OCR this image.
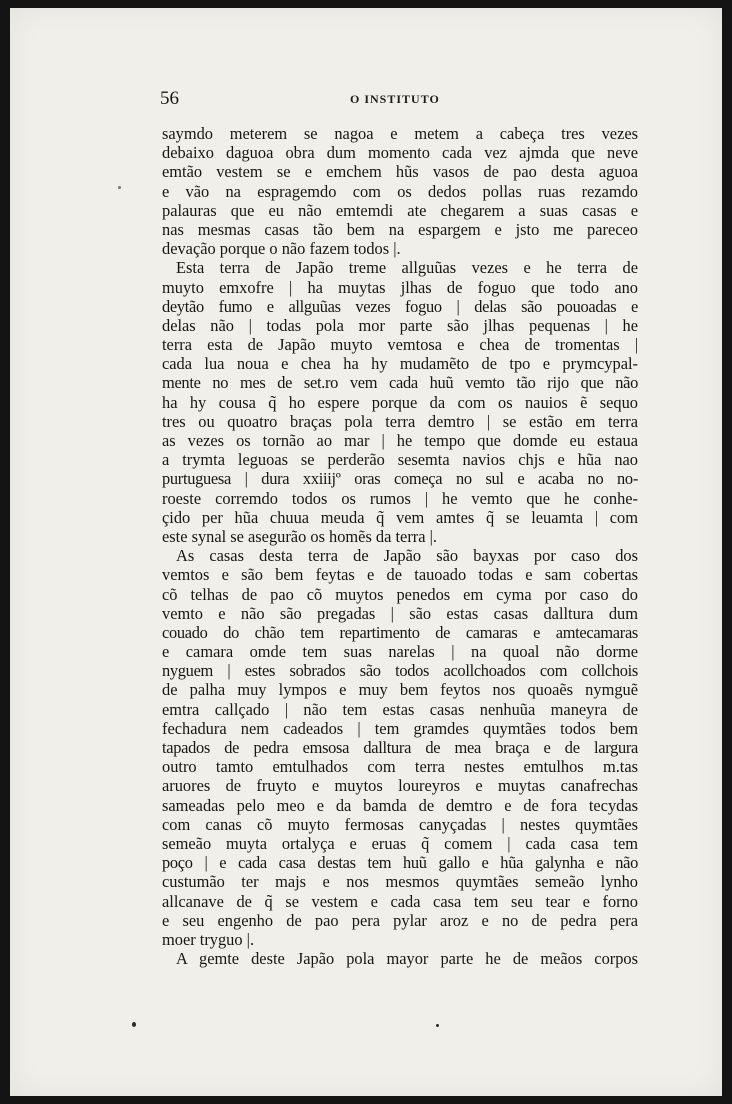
56	O INSTITUTO
saymdo meterem se nagoa e metem a cabeça tres vezes
debaixo daguoa obra dum momento cada vez ajmda que neve
emtão vestem se e emchem hũs vasos de pao desta aguoa
e vão na espragemdo com os dedos pollas ruas rezamdo
palauras que eu não emtemdi ate chegarem a suas casas e
nas mesmas casas tão bem na espargem e jsto me pareceo
devação porque o não fazem todos |.
Esta terra de Japão treme allguũas vezes e he terra de
muyto emxofre | ha muytas jlhas de foguo que todo ano
deytão fumo e allguũas vezes foguo | delas são pouoadas e
delas não | todas pola mor parte são jlhas pequenas | he
terra esta de Japão muyto vemtosa e chea de tromentas |
cada lua noua e chea ha hy mudamẽto de tpo e prymcypal-
mente no mes de set.ro vem cada huũ vemto tão rijo que não
ha hy cousa q̃ ho espere porque da com os nauios ẽ sequo
tres ou quoatro braças pola terra demtro | se estão em terra
as vezes os tornão ao mar | he tempo que domde eu estaua
a trymta leguoas se perderão sesemta navios chjs e hũa nao
purtuguesa | dura xxiiijº oras começa no sul e acaba no no-
roeste corremdo todos os rumos | he vemto que he conhe-
çido per hũa chuua meuda q̃ vem amtes q̃ se leuamta | com
este synal se asegurão os homẽs da terra |.
As casas desta terra de Japão são bayxas por caso dos
vemtos e são bem feytas e de tauoado todas e sam cobertas
cõ telhas de pao cõ muytos penedos em cyma por caso do
vemto e não são pregadas | são estas casas dalltura dum
couado do chão tem repartimento de camaras e amtecamaras
e camara omde tem suas narelas | na quoal não dorme
nyguem | estes sobrados são todos acollchoados com collchois
de palha muy lympos e muy bem feytos nos quoaẽs nymguẽ
emtra callçado | não tem estas casas nenhuũa maneyra de
fechadura nem cadeados | tem gramdes quymtães todos bem
tapados de pedra emsosa dalltura de mea braça e de largura
outro tamto emtulhados com terra nestes emtulhos m.tas
aruores de fruyto e muytos loureyros e muytas canafrechas
sameadas pelo meo e da bamda de demtro e de fora tecydas
com canas cõ muyto fermosas canyçadas | nestes quymtães
semeão muyta ortalyça e eruas q̃ comem | cada casa tem
poço | e cada casa destas tem huũ gallo e hũa galynha e não
custumão ter majs e nos mesmos quymtães semeão lynho
allcanave de q̃ se vestem e cada casa tem seu tear e forno
e seu engenho de pao pera pylar aroz e no de pedra pera
moer tryguo |.
A gemte deste Japão pola mayor parte he de meãos corpos
